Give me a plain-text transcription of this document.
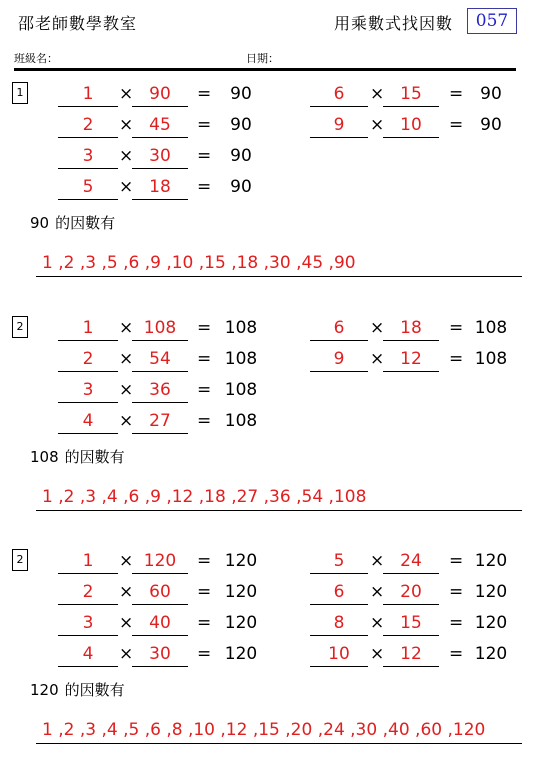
邵老師數學教室	用乘數式找因數	057
班級名：	日期：
1	1	× 90	=	90
2	× 45	=	90
3	× 30	=	90
5	× 18	=	90
6	× 15	= 90
9	× 10	= 90
90 的因數有
1 ,2 ,3 ,5 ,6 ,9 ,10 ,15 ,18 ,30 ,45 ,90
2	1	× 108	= 108
2	× 54	= 108
3	× 36	= 108
4	× 27	= 108
6	× 18	= 108
9	× 12	= 108
108 的因數有
1 ,2 ,3 ,4 ,6 ,9 ,12 ,18 ,27 ,36 ,54 ,108
2	1	× 120	= 120
2	× 60	= 120
3	× 40	= 120
4	× 30	= 120
5	× 24	= 120
6	× 20	= 120
8	× 15	= 120
10	× 12	= 120
120 的因數有
1 ,2 ,3 ,4 ,5 ,6 ,8 ,10 ,12 ,15 ,20 ,24 ,30 ,40 ,60 ,120
